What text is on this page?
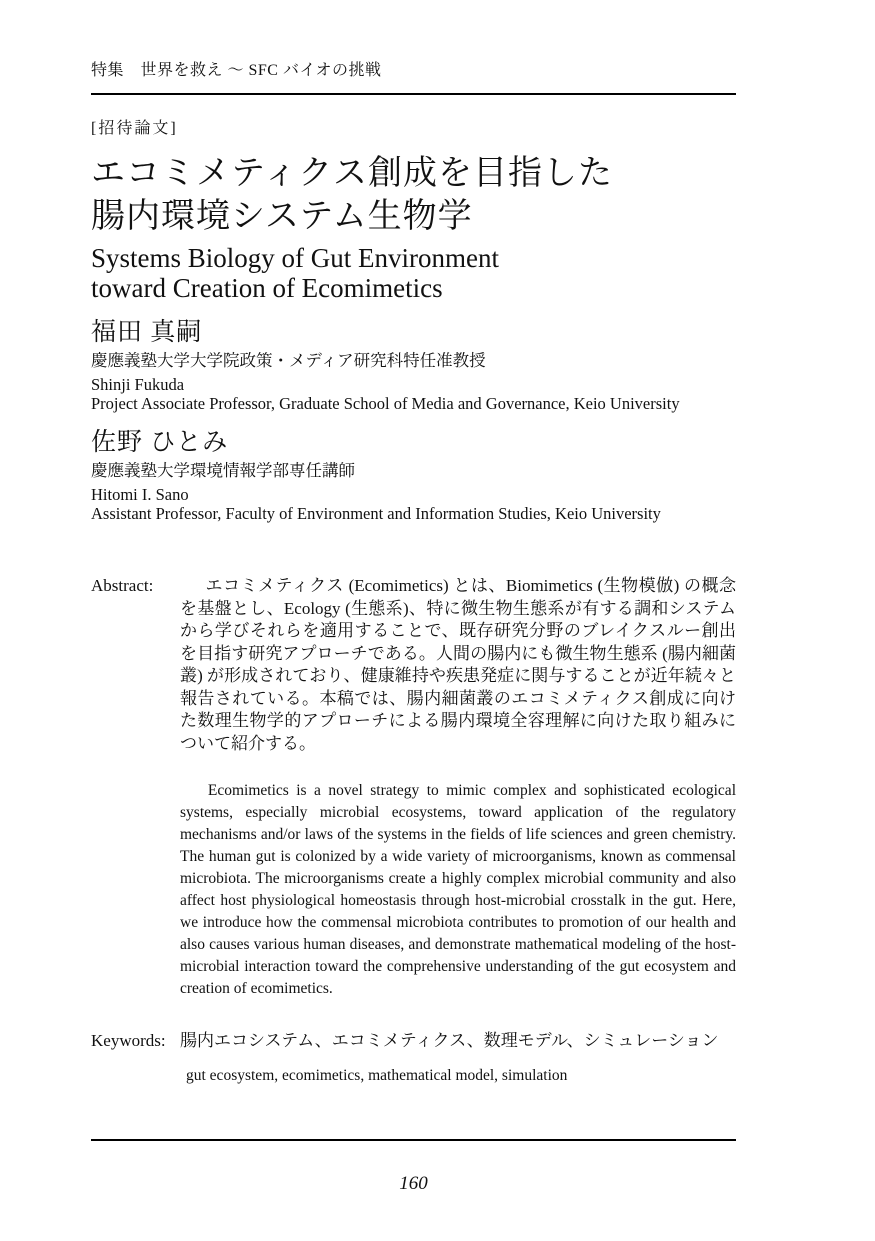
特集　世界を救え ～ SFC バイオの挑戦
[招待論文]
エコミメティクス創成を目指した
腸内環境システム生物学
Systems Biology of Gut Environment
toward Creation of Ecomimetics
福田 真嗣
慶應義塾大学大学院政策・メディア研究科特任准教授
Shinji Fukuda
Project Associate Professor, Graduate School of Media and Governance, Keio University
佐野 ひとみ
慶應義塾大学環境情報学部専任講師
Hitomi I. Sano
Assistant Professor, Faculty of Environment and Information Studies, Keio University
Abstract:	エコミメティクス (Ecomimetics) とは、Biomimetics (生物模倣) の概念を基盤とし、Ecology (生態系)、特に微生物生態系が有する調和システムから学びそれらを適用することで、既存研究分野のブレイクスルー創出を目指す研究アプローチである。人間の腸内にも微生物生態系 (腸内細菌叢) が形成されており、健康維持や疾患発症に関与することが近年続々と報告されている。本稿では、腸内細菌叢のエコミメティクス創成に向けた数理生物学的アプローチによる腸内環境全容理解に向けた取り組みについて紹介する。
Ecomimetics is a novel strategy to mimic complex and sophisticated ecological systems, especially microbial ecosystems, toward application of the regulatory mechanisms and/or laws of the systems in the fields of life sciences and green chemistry. The human gut is colonized by a wide variety of microorganisms, known as commensal microbiota. The microorganisms create a highly complex microbial community and also affect host physiological homeostasis through host-microbial crosstalk in the gut. Here, we introduce how the commensal microbiota contributes to promotion of our health and also causes various human diseases, and demonstrate mathematical modeling of the host-microbial interaction toward the comprehensive understanding of the gut ecosystem and creation of ecomimetics.
Keywords: 腸内エコシステム、エコミメティクス、数理モデル、シミュレーション
gut ecosystem, ecomimetics, mathematical model, simulation
160
